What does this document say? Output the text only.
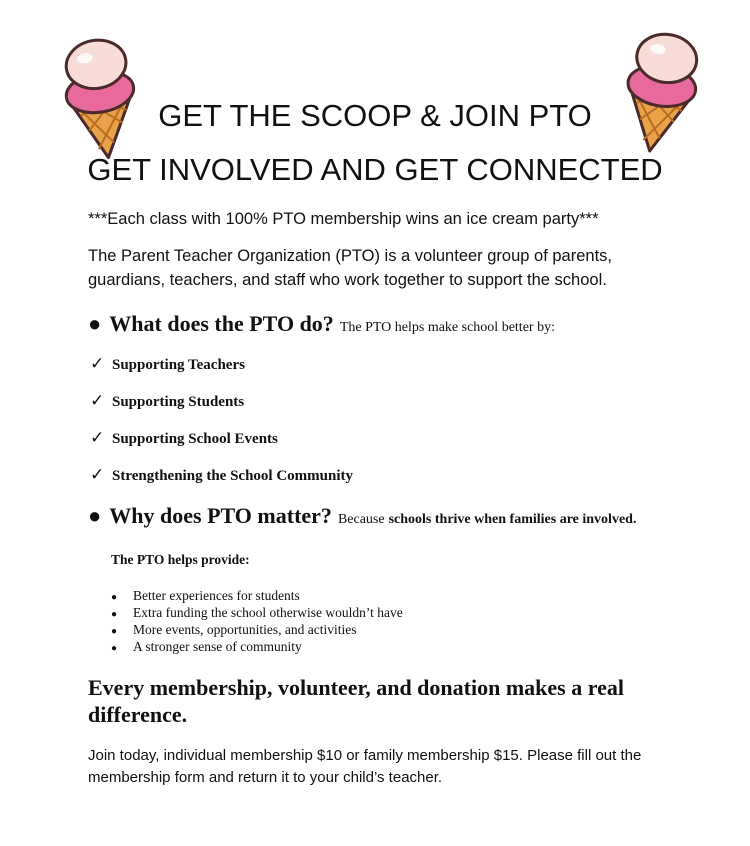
GET THE SCOOP & JOIN PTO
GET INVOLVED AND GET CONNECTED
***Each class with 100% PTO membership wins an ice cream party***
The Parent Teacher Organization (PTO) is a volunteer group of parents, guardians, teachers, and staff who work together to support the school.
● What does the PTO do? The PTO helps make school better by:
✓ Supporting Teachers
✓ Supporting Students
✓ Supporting School Events
✓ Strengthening the School Community
● Why does PTO matter? Because schools thrive when families are involved.
The PTO helps provide:
● Better experiences for students
● Extra funding the school otherwise wouldn’t have
● More events, opportunities, and activities
● A stronger sense of community
Every membership, volunteer, and donation makes a real difference.
Join today, individual membership $10 or family membership $15. Please fill out the membership form and return it to your child’s teacher.
